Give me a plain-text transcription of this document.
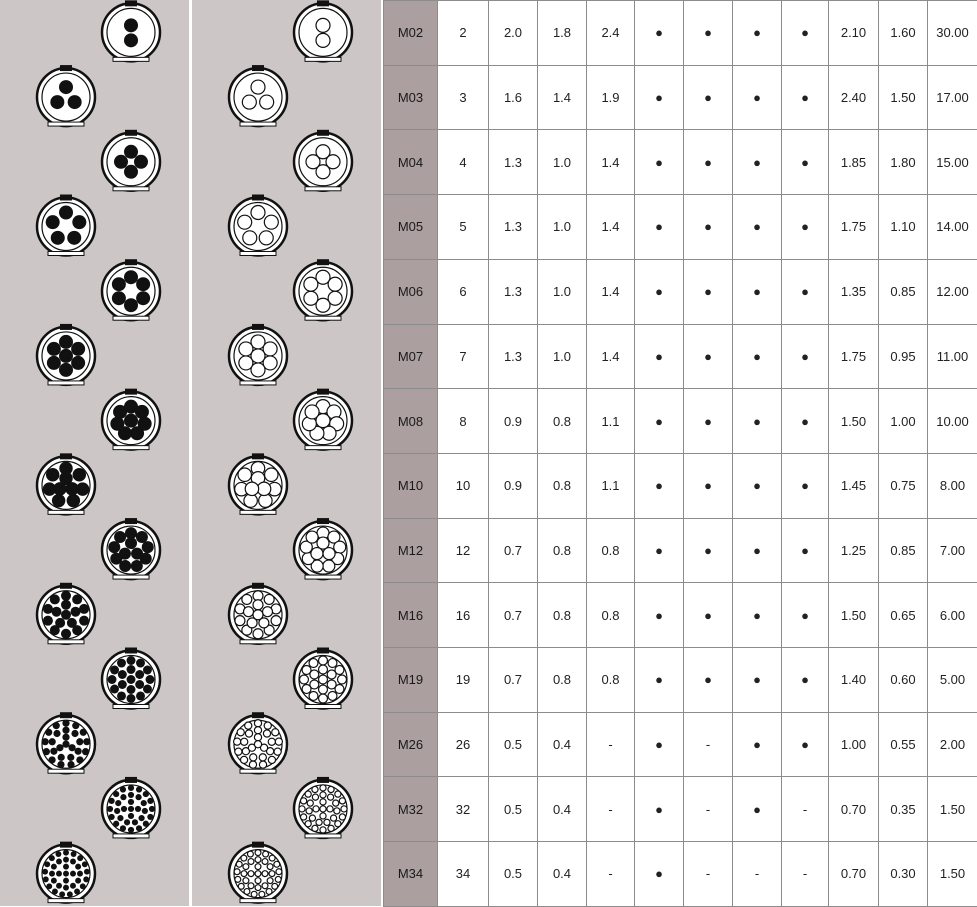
M02	2	2.0	1.8	2.4	●	●	●	●	2.10	1.60	30.00
M03	3	1.6	1.4	1.9	●	●	●	●	2.40	1.50	17.00
M04	4	1.3	1.0	1.4	●	●	●	●	1.85	1.80	15.00
M05	5	1.3	1.0	1.4	●	●	●	●	1.75	1.10	14.00
M06	6	1.3	1.0	1.4	●	●	●	●	1.35	0.85	12.00
M07	7	1.3	1.0	1.4	●	●	●	●	1.75	0.95	11.00
M08	8	0.9	0.8	1.1	●	●	●	●	1.50	1.00	10.00
M10	10	0.9	0.8	1.1	●	●	●	●	1.45	0.75	8.00
M12	12	0.7	0.8	0.8	●	●	●	●	1.25	0.85	7.00
M16	16	0.7	0.8	0.8	●	●	●	●	1.50	0.65	6.00
M19	19	0.7	0.8	0.8	●	●	●	●	1.40	0.60	5.00
M26	26	0.5	0.4	-	●	-	●	●	1.00	0.55	2.00
M32	32	0.5	0.4	-	●	-	●	-	0.70	0.35	1.50
M34	34	0.5	0.4	-	●	-	-	-	0.70	0.30	1.50
